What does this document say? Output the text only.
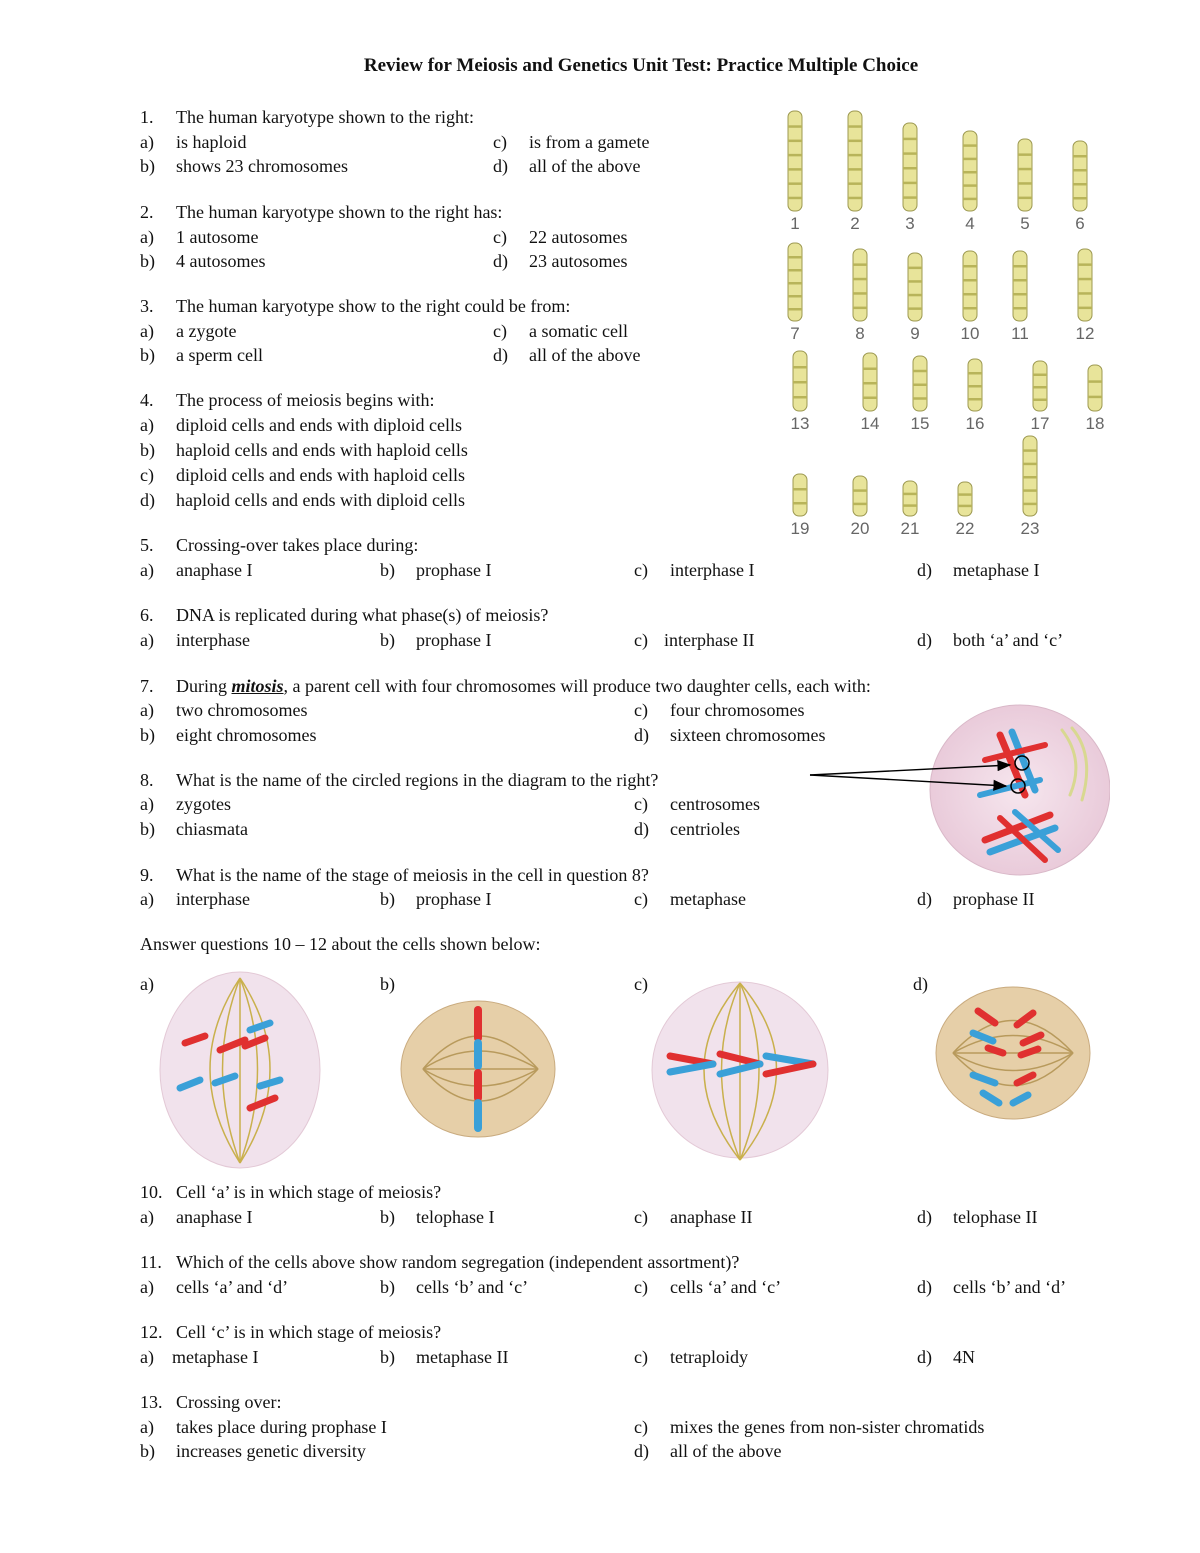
Review for Meiosis and Genetics Unit Test: Practice Multiple Choice
1. The human karyotype shown to the right:
a) is haploid	c) is from a gamete
b) shows 23 chromosomes	d) all of the above
2. The human karyotype shown to the right has:
a) 1 autosome	c) 22 autosomes
b) 4 autosomes	d) 23 autosomes
3. The human karyotype show to the right could be from:
a) a zygote	c) a somatic cell
b) a sperm cell	d) all of the above
4. The process of meiosis begins with:
a) diploid cells and ends with diploid cells
b) haploid cells and ends with haploid cells
c) diploid cells and ends with haploid cells
d) haploid cells and ends with diploid cells
5. Crossing-over takes place during:
a) anaphase I	b) prophase I	c) interphase I	d) metaphase I
6. DNA is replicated during what phase(s) of meiosis?
a) interphase	b) prophase I	c) interphase II	d) both ‘a’ and ‘c’
7. During mitosis, a parent cell with four chromosomes will produce two daughter cells, each with:
a) two chromosomes	c) four chromosomes
b) eight chromosomes	d) sixteen chromosomes
8. What is the name of the circled regions in the diagram to the right?
a) zygotes	c) centrosomes
b) chiasmata	d) centrioles
9. What is the name of the stage of meiosis in the cell in question 8?
a) interphase	b) prophase I	c) metaphase	d) prophase II
Answer questions 10 – 12 about the cells shown below:
a)	b)	c)	d)
10. Cell ‘a’ is in which stage of meiosis?
a) anaphase I	b) telophase I	c) anaphase II	d) telophase II
11. Which of the cells above show random segregation (independent assortment)?
a) cells ‘a’ and ‘d’	b) cells ‘b’ and ‘c’	c) cells ‘a’ and ‘c’	d) cells ‘b’ and ‘d’
12. Cell ‘c’ is in which stage of meiosis?
a) metaphase I	b) metaphase II	c) tetraploidy	d) 4N
13. Crossing over:
a) takes place during prophase I	c) mixes the genes from non-sister chromatids
b) increases genetic diversity	d) all of the above
1	2	3	4	5	6
7	8	9 10 11	12
13	14 15 16	17 18
19 20 21 22	23
